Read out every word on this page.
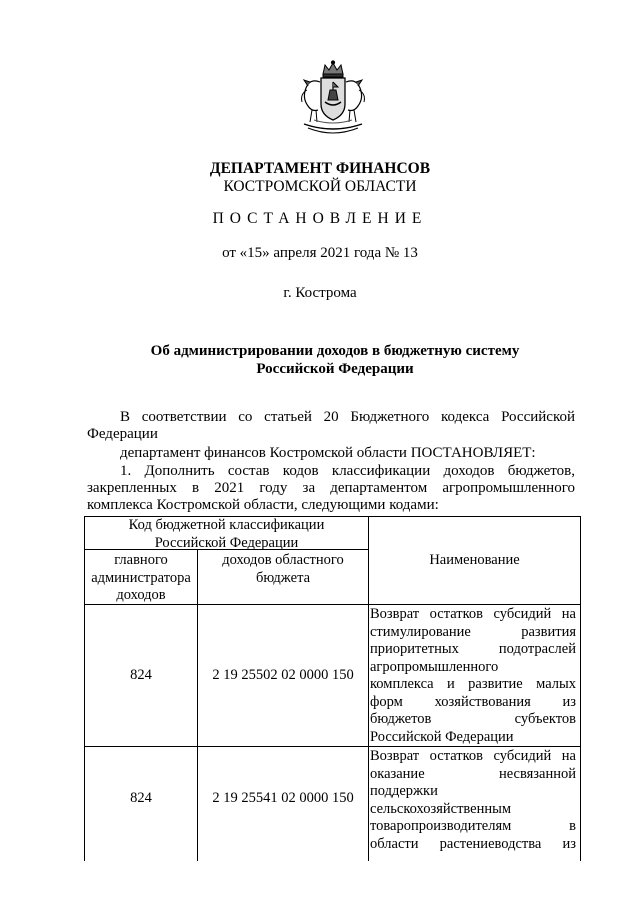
ДЕПАРТАМЕНТ ФИНАНСОВ
КОСТРОМСКОЙ ОБЛАСТИ
ПОСТАНОВЛЕНИЕ
от «15» апреля 2021 года № 13
г. Кострома
Об администрировании доходов в бюджетную систему
Российской Федерации
В соответствии со статьей 20 Бюджетного кодекса Российской
Федерации
департамент финансов Костромской области ПОСТАНОВЛЯЕТ:
1. Дополнить состав кодов классификации доходов бюджетов,
закрепленных в 2021 году за департаментом агропромышленного
комплекса Костромской области, следующими кодами:
Код бюджетной классификации
Российской Федерации
главного
администратора
доходов
доходов областного
бюджета
Наименование
824	2 19 25502 02 0000 150
Возврат остатков субсидий на
стимулирование развития
приоритетных подотраслей
агропромышленного
комплекса и развитие малых
форм хозяйствования из
бюджетов субъектов
Российской Федерации
824	2 19 25541 02 0000 150
Возврат остатков субсидий на
оказание несвязанной
поддержки
сельскохозяйственным
товаропроизводителям в
области растениеводства из
